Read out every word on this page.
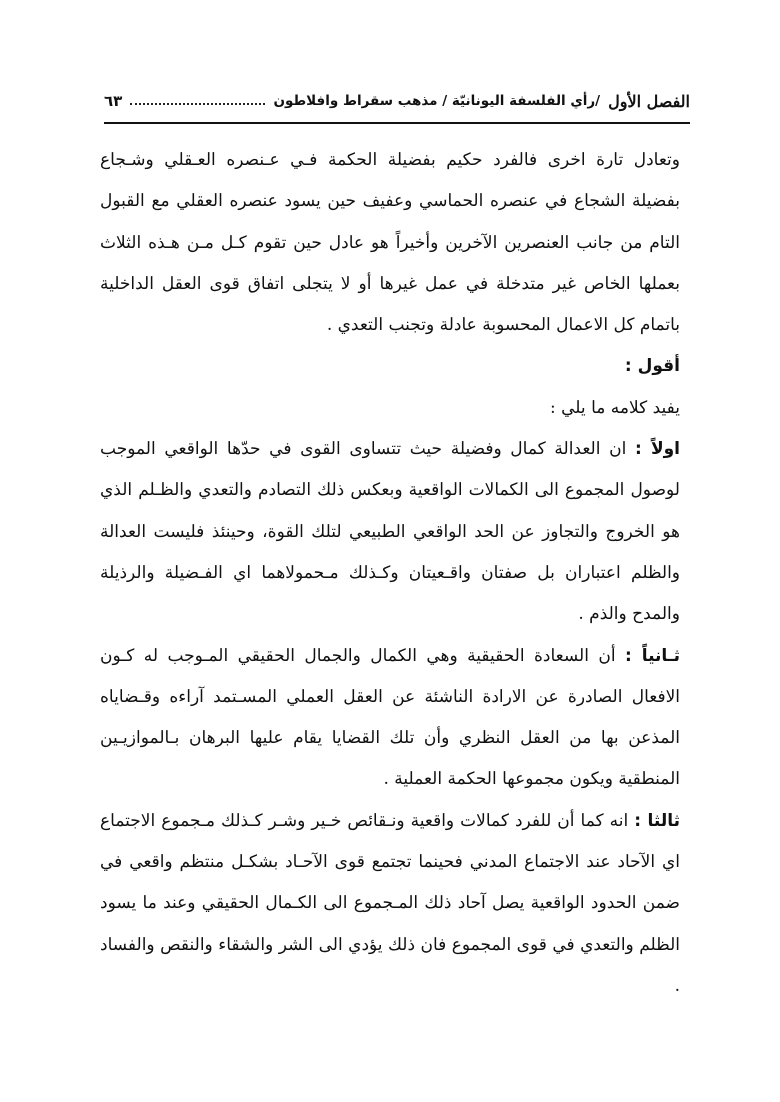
الفصل الأول
/رأي الفلسفة اليونانيّة / مذهب سقراط وافلاطون
٦٣

وتعادل تارة اخرى فالفرد حكيم بفضيلة الحكمة فـي عـنصره العـقلي وشـجاع بفضيلة الشجاع في عنصره الحماسي وعفيف حين يسود عنصره العقلي مع القبول التام من جانب العنصرين الآخرين وأخيراً هو عادل حين تقوم كـل مـن هـذه الثلاث بعملها الخاص غير متدخلة في عمل غيرها أو لا يتجلى اتفاق قوى العقل الداخلية باتمام كل الاعمال المحسوبة عادلة وتجنب التعدي .

أقول :

يفيد كلامه ما يلي :

اولاً : ان العدالة كمال وفضيلة حيث تتساوى القوى في حدّها الواقعي الموجب لوصول المجموع الى الكمالات الواقعية وبعكس ذلك التصادم والتعدي والظـلم الذي هو الخروج والتجاوز عن الحد الواقعي الطبيعي لتلك القوة، وحينئذ فليست العدالة والظلم اعتباران بل صفتان واقـعيتان وكـذلك مـحمولاهما اي الفـضيلة والرذيلة والمدح والذم .

ثـانياً : أن السعادة الحقيقية وهي الكمال والجمال الحقيقي المـوجب له كـون الافعال الصادرة عن الارادة الناشئة عن العقل العملي المسـتمد آراءه وقـضاياه المذعن بها من العقل النظري وأن تلك القضايا يقام عليها البرهان بـالموازيـين المنطقية ويكون مجموعها الحكمة العملية .

ثالثا : انه كما أن للفرد كمالات واقعية ونـقائص خـير وشـر كـذلك مـجموع الاجتماع اي الآحاد عند الاجتماع المدني فحينما تجتمع قوى الآحـاد بشكـل منتظم واقعي في ضمن الحدود الواقعية يصل آحاد ذلك المـجموع الى الكـمال الحقيقي وعند ما يسود الظلم والتعدي في قوى المجموع فان ذلك يؤدي الى الشر والشقاء والنقص والفساد .
